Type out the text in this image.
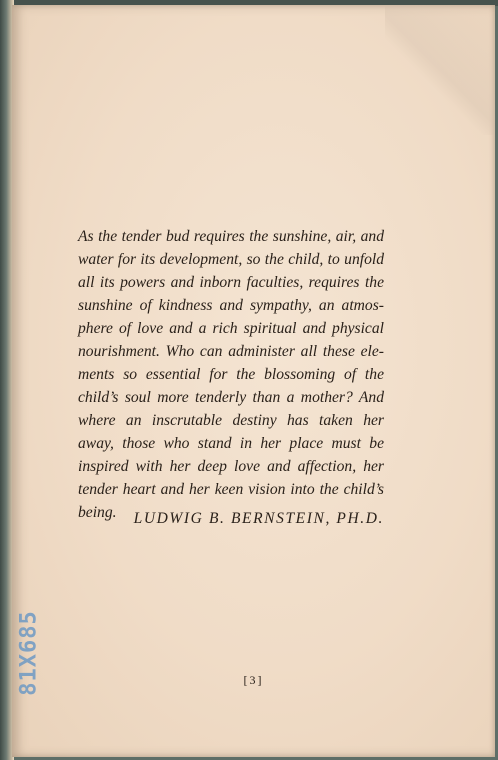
As the tender bud requires the sunshine, air, and water for its development, so the child, to unfold all its powers and inborn faculties, requires the sunshine of kindness and sympathy, an atmos-phere of love and a rich spiritual and physical nourishment. Who can administer all these ele-ments so essential for the blossoming of the child’s soul more tenderly than a mother? And where an inscrutable destiny has taken her away, those who stand in her place must be inspired with her deep love and affection, her tender heart and her keen vision into the child’s being.	LUDWIG B. BERNSTEIN, PH.D.

[3]
81X685
